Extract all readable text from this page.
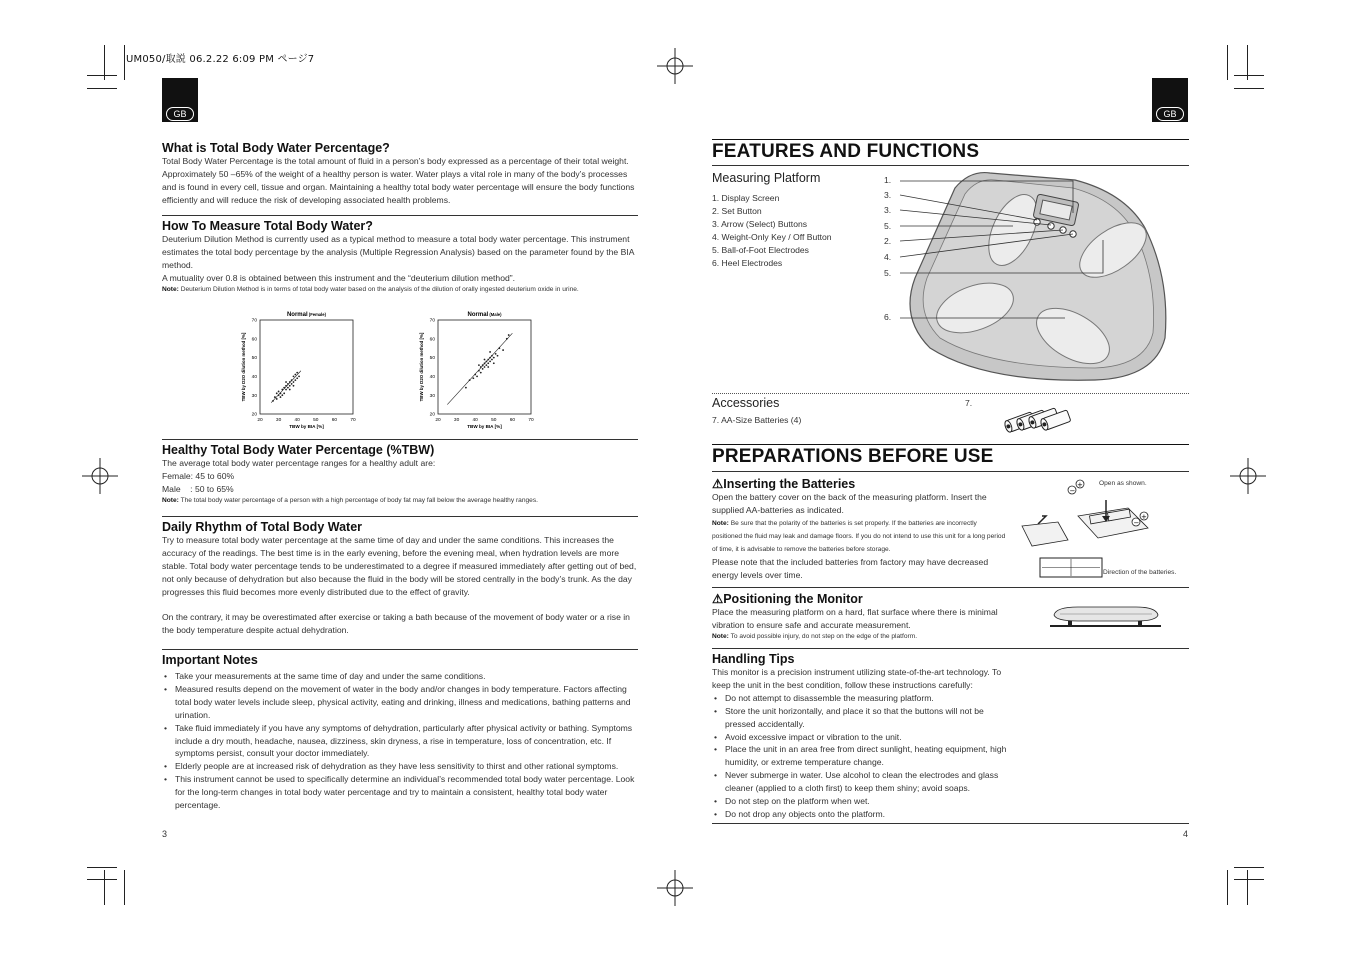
UM050/取説 06.2.22 6:09 PM ページ7
GB	GB
What is Total Body Water Percentage?

Total Body Water Percentage is the total amount of fluid in a person’s body expressed as a percentage of their total weight. Approximately 50 –65% of the weight of a healthy person is water. Water plays a vital role in many of the body’s processes and is found in every cell, tissue and organ. Maintaining a healthy total body water percentage will ensure the body functions efficiently and will reduce the risk of developing associated health problems.

How To Measure Total Body Water?

Deuterium Dilution Method is currently used as a typical method to measure a total body water percentage. This instrument estimates the total body percentage by the analysis (Multiple Regression Analysis) based on the parameter found by the BIA method.

A mutuality over 0.8 is obtained between this instrument and the “deuterium dilution method”.

Note: Deuterium Dilution Method is in terms of total body water based on the analysis of the dilution of orally ingested deuterium oxide in urine.
Normal (Female)
20	30	40	50	60	70
20
30
40
50
60
70
TBW by BIA [%]
TBW by D2O dilution method [%]
Normal (Male)
20	30	40	50	60	70
20
30
40
50
60
70
TBW by BIA [%]
TBW by D2O dilution method [%]
Healthy Total Body Water Percentage (%TBW)

The average total body water percentage ranges for a healthy adult are:

Female: 45 to 60%

Male    : 50 to 65%

Note: The total body water percentage of a person with a high percentage of body fat may fall below the average healthy ranges.
Daily Rhythm of Total Body Water

Try to measure total body water percentage at the same time of day and under the same conditions. This increases the accuracy of the readings. The best time is in the early evening, before the evening meal, when hydration levels are more stable. Total body water percentage tends to be underestimated to a degree if measured immediately after getting out of bed, not only because of dehydration but also because the fluid in the body will be stored centrally in the body’s trunk. As the day progresses this fluid becomes more evenly distributed due to the effect of gravity.

On the contrary, it may be overestimated after exercise or taking a bath because of the movement of body water or a rise in the body temperature despite actual dehydration.

Important Notes
• Take your measurements at the same time of day and under the same conditions.
• Measured results depend on the movement of water in the body and/or changes in body temperature. Factors affecting total body water levels include sleep, physical activity, eating and drinking, illness and medications, bathing patterns and urination.
• Take fluid immediately if you have any symptoms of dehydration, particularly after physical activity or bathing. Symptoms include a dry mouth, headache, nausea, dizziness, skin dryness, a rise in temperature, loss of concentration, etc. If symptoms persist, consult your doctor immediately.
• Elderly people are at increased risk of dehydration as they have less sensitivity to thirst and other rational symptoms.
• This instrument cannot be used to specifically determine an individual’s recommended total body water percentage. Look for the long-term changes in total body water percentage and try to maintain a consistent, healthy total body water percentage.
3
FEATURES AND FUNCTIONS
Measuring Platform
1. Display Screen
2. Set Button
3. Arrow (Select) Buttons
4. Weight-Only Key / Off Button
5. Ball-of-Foot Electrodes
6. Heel Electrodes
1.
3.
3.
5.
2.
4.
5.
6.
Accessories
7. AA-Size Batteries (4)
7.
PREPARATIONS BEFORE USE
⚠Inserting the Batteries

Open the battery cover on the back of the measuring platform. Insert the supplied AA-batteries as indicated.

Note: Be sure that the polarity of the batteries is set properly. If the batteries are incorrectly positioned the fluid may leak and damage floors. If you do not intend to use this unit for a long period of time, it is advisable to remove the batteries before storage.

Please note that the included batteries from factory may have decreased energy levels over time.

+
−
+
−
Open as shown.
Direction of the batteries.
⚠Positioning the Monitor

Place the measuring platform on a hard, flat surface where there is minimal vibration to ensure safe and accurate measurement.

Note: To avoid possible injury, do not step on the edge of the platform.
Handling Tips

This monitor is a precision instrument utilizing state-of-the-art technology. To keep the unit in the best condition, follow these instructions carefully:

• Do not attempt to disassemble the measuring platform.
• Store the unit horizontally, and place it so that the buttons will not be pressed accidentally.
• Avoid excessive impact or vibration to the unit.
• Place the unit in an area free from direct sunlight, heating equipment, high humidity, or extreme temperature change.
• Never submerge in water. Use alcohol to clean the electrodes and glass cleaner (applied to a cloth first) to keep them shiny; avoid soaps.
• Do not step on the platform when wet.
• Do not drop any objects onto the platform.
4
